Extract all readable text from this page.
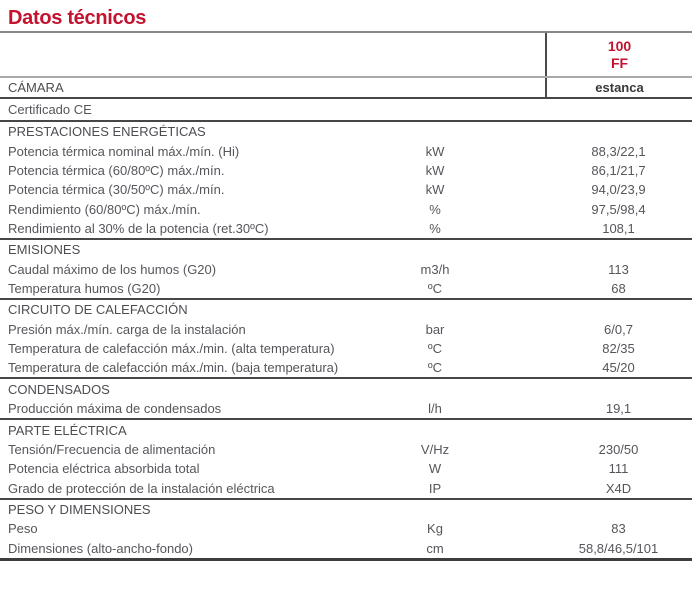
Datos técnicos
100
FF
CÁMARA	estanca
Certificado CE
PRESTACIONES ENERGÉTICAS
Potencia térmica nominal máx./mín. (Hi)	kW	88,3/22,1
Potencia térmica (60/80ºC) máx./mín.	kW	86,1/21,7
Potencia térmica (30/50ºC) máx./mín.	kW	94,0/23,9
Rendimiento (60/80ºC) máx./mín.	%	97,5/98,4
Rendimiento al 30% de la potencia (ret.30ºC)	%	108,1
EMISIONES
Caudal máximo de los humos (G20)	m3/h	113
Temperatura humos (G20)	ºC	68
CIRCUITO DE CALEFACCIÓN
Presión máx./mín. carga de la instalación	bar	6/0,7
Temperatura de calefacción máx./min. (alta temperatura)	ºC	82/35
Temperatura de calefacción máx./min. (baja temperatura)	ºC	45/20
CONDENSADOS
Producción máxima de condensados	l/h	19,1
PARTE ELÉCTRICA
Tensión/Frecuencia de alimentación	V/Hz	230/50
Potencia eléctrica absorbida total	W	111
Grado de protección de la instalación eléctrica	IP	X4D
PESO Y DIMENSIONES
Peso	Kg	83
Dimensiones (alto-ancho-fondo)	cm	58,8/46,5/101
